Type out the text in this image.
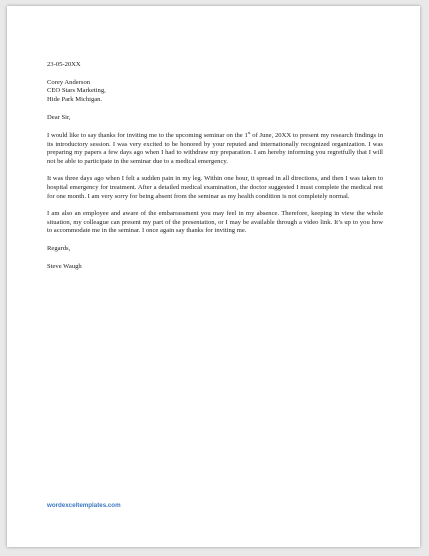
23-05-20XX

Corey Anderson

CEO Stars Marketing,

Hide Park Michigan.

Dear Sir,

I would like to say thanks for inviting me to the upcoming seminar on the 1st of June, 20XX to present my research findings in its introductory session. I was very excited to be honored by your reputed and internationally recognized organization. I was preparing my papers a few days ago when I had to withdraw my preparation. I am hereby informing you regretfully that I will not be able to participate in the seminar due to a medical emergency.

It was three days ago when I felt a sudden pain in my leg. Within one hour, it spread in all directions, and then I was taken to hospital emergency for treatment. After a detailed medical examination, the doctor suggested I must complete the medical rest for one month. I am very sorry for being absent from the seminar as my health condition is not completely normal.

I am also an employee and aware of the embarrassment you may feel in my absence. Therefore, keeping in view the whole situation, my colleague can present my part of the presentation, or I may be available through a video link. It’s up to you how to accommodate me in the seminar. I once again say thanks for inviting me.

Regards,

Steve Waugh

wordexceltemplates.com
